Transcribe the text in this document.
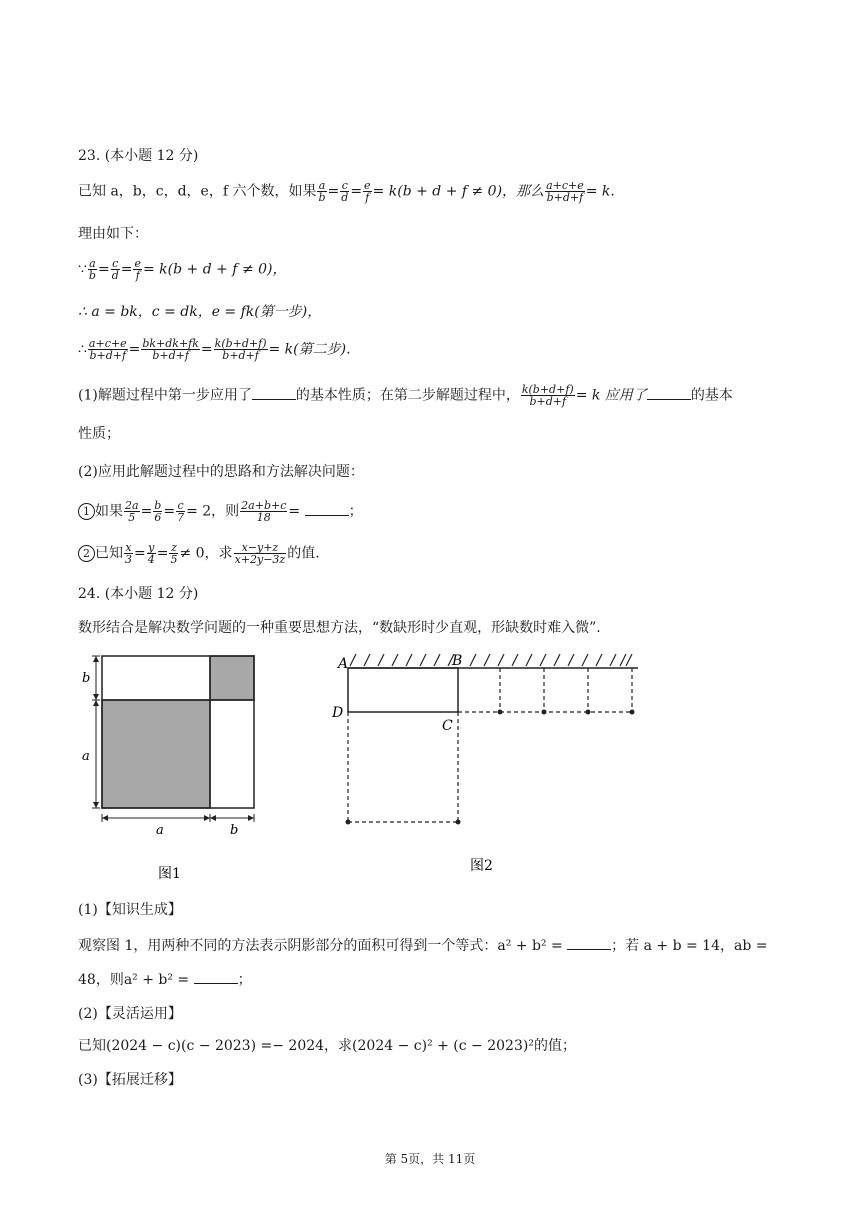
23. (本小题 12 分)
已知 a，b，c，d，e，f 六个数，如果 $\frac{a}{b} = \frac{c}{d} = \frac{e}{f} = k(b + d + f \ne 0)$，那么 $\frac{a+c+e}{b+d+f} = k$.
理由如下：
∵ $\frac{a}{b} = \frac{c}{d} = \frac{e}{f} = k(b + d + f \ne 0)$，
∴ a = bk，c = dk，e = fk(第一步)，
∴ $\frac{a+c+e}{b+d+f} = \frac{bk+dk+fk}{b+d+f} = \frac{k(b+d+f)}{b+d+f} = k$(第二步).
(1)解题过程中第一步应用了	的基本性质；在第二步解题过程中， $\frac{k(b+d+f)}{b+d+f} = k$ 应用了	的基本
性质；
(2)应用此解题过程中的思路和方法解决问题：
1 如果 $\frac{2a}{5} = \frac{b}{6} = \frac{c}{7} = 2$，则 $\frac{2a+b+c}{18}$ =	；
2 已知 $\frac{x}{3} = \frac{y}{4} = \frac{z}{5} \ne 0$，求 $\frac{x-y+z}{x+2y-3z}$ 的值.
24. (本小题 12 分)
数形结合是解决数学问题的一种重要思想方法，“数缺形时少直观，形缺数时难入微”.
b
a
a	b
图1
A	B
C
D
图2
(1)【知识生成】
观察图 1，用两种不同的方法表示阴影部分的面积可得到一个等式：a² + b² =	；若 a + b = 14，ab =
48，则a² + b² =	；
(2)【灵活运用】
已知(2024 − c)(c − 2023) =− 2024，求(2024 − c)² + (c − 2023)²的值；
(3)【拓展迁移】
第 5页，共 11页
